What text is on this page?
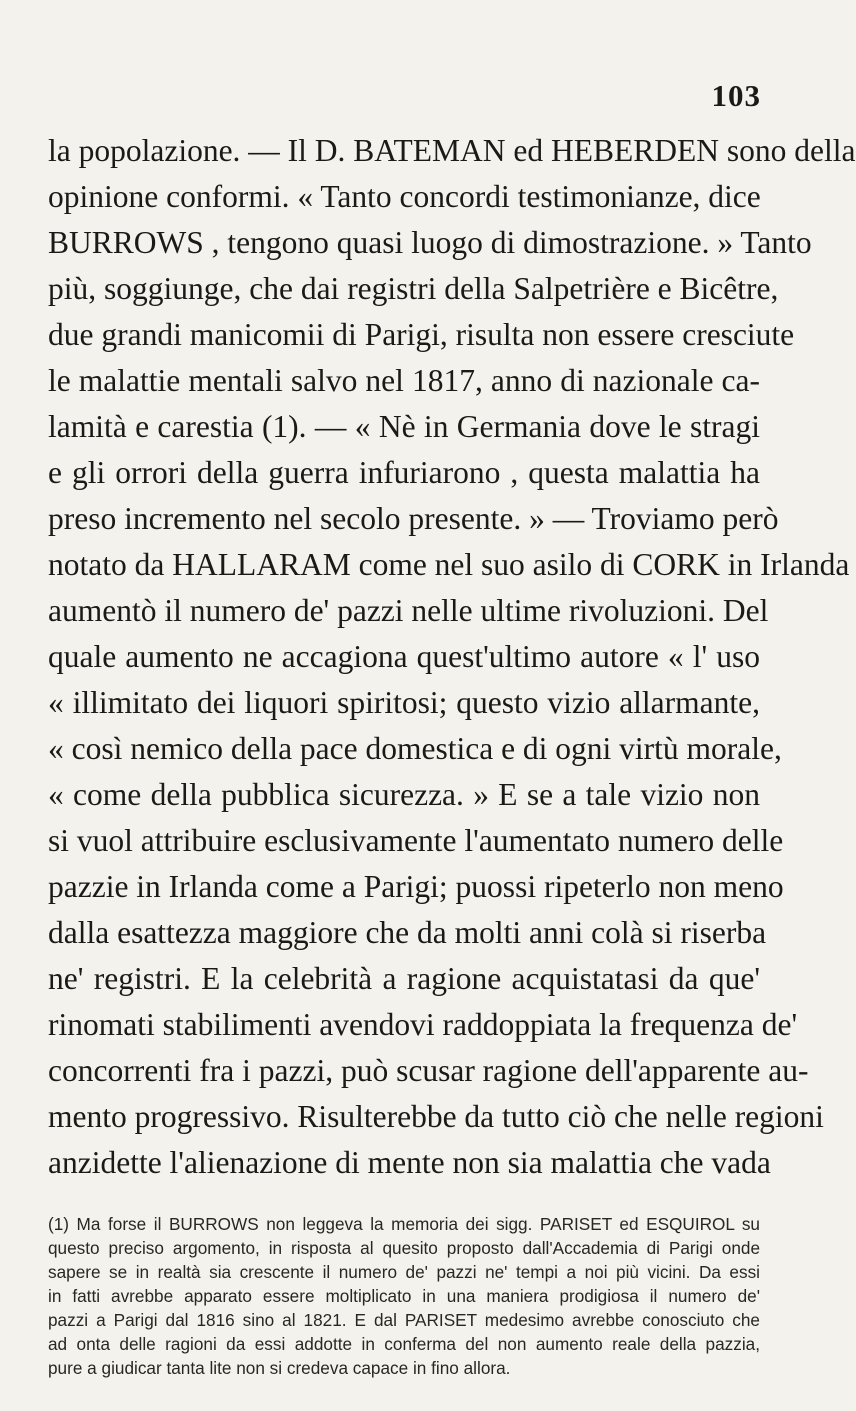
103
la popolazione. — Il D. BATEMAN ed HEBERDEN sono della
opinione conformi. « Tanto concordi testimonianze, dice
BURROWS , tengono quasi luogo di dimostrazione. » Tanto
più, soggiunge, che dai registri della Salpetrière e Bicêtre,
due grandi manicomii di Parigi, risulta non essere cresciute
le malattie mentali salvo nel 1817, anno di nazionale ca-
lamità e carestia (1). — « Nè in Germania dove le stragi
e gli orrori della guerra infuriarono , questa malattia ha
preso incremento nel secolo presente. » — Troviamo però
notato da HALLARAM come nel suo asilo di CORK in Irlanda
aumentò il numero de' pazzi nelle ultime rivoluzioni. Del
quale aumento ne accagiona quest'ultimo autore « l' uso
« illimitato dei liquori spiritosi; questo vizio allarmante,
« così nemico della pace domestica e di ogni virtù morale,
« come della pubblica sicurezza. » E se a tale vizio non
si vuol attribuire esclusivamente l'aumentato numero delle
pazzie in Irlanda come a Parigi; puossi ripeterlo non meno
dalla esattezza maggiore che da molti anni colà si riserba
ne' registri. E la celebrità a ragione acquistatasi da que'
rinomati stabilimenti avendovi raddoppiata la frequenza de'
concorrenti fra i pazzi, può scusar ragione dell'apparente au-
mento progressivo. Risulterebbe da tutto ciò che nelle regioni
anzidette l'alienazione di mente non sia malattia che vada
(1) Ma forse il BURROWS non leggeva la memoria dei sigg. PARISET ed ESQUIROL su
questo preciso argomento, in risposta al quesito proposto dall'Accademia di Parigi onde
sapere se in realtà sia crescente il numero de' pazzi ne' tempi a noi più vicini. Da essi
in fatti avrebbe apparato essere moltiplicato in una maniera prodigiosa il numero de'
pazzi a Parigi dal 1816 sino al 1821. E dal PARISET medesimo avrebbe conosciuto che
ad onta delle ragioni da essi addotte in conferma del non aumento reale della pazzia,
pure a giudicar tanta lite non si credeva capace in fino allora.
